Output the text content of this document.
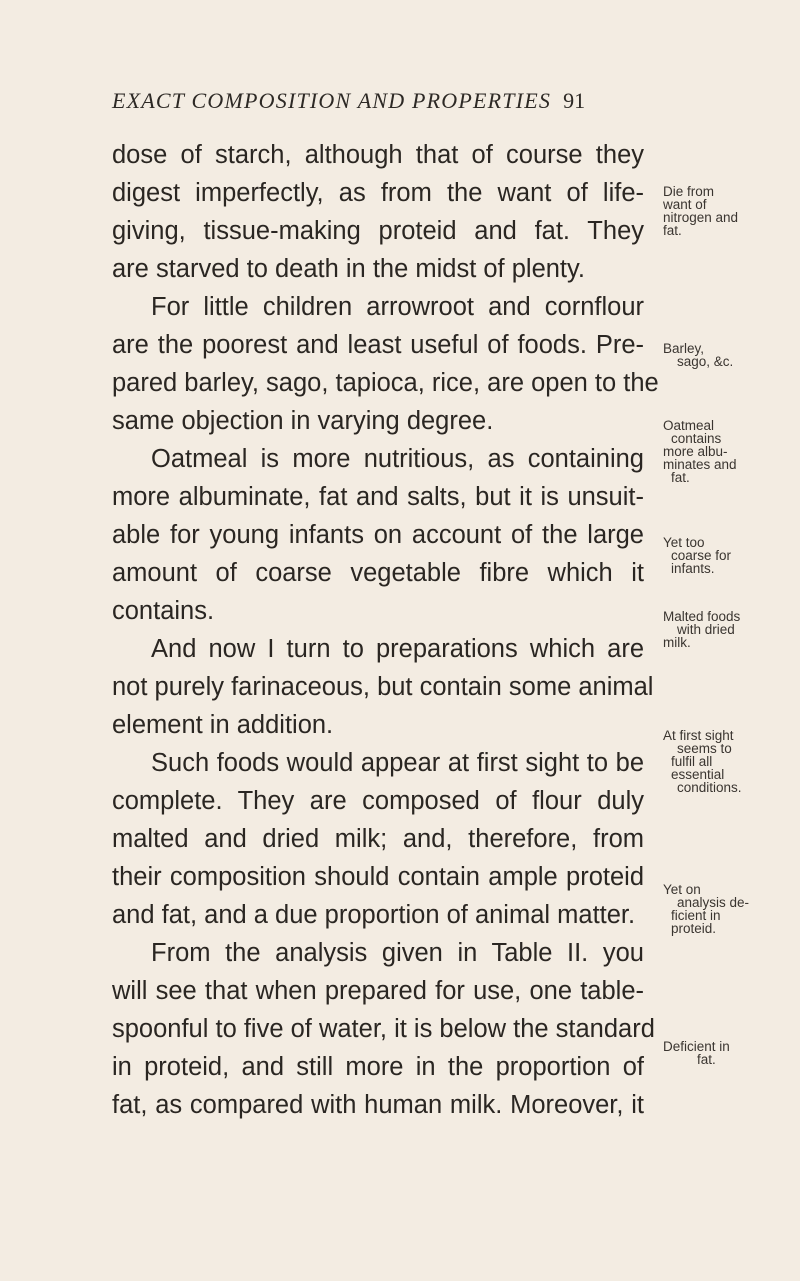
EXACT COMPOSITION AND PROPERTIES 91
dose of starch, although that of course they
digest imperfectly, as from the want of life-
giving, tissue-making proteid and fat. They
are starved to death in the midst of plenty.
For little children arrowroot and cornflour
are the poorest and least useful of foods. Pre-
pared barley, sago, tapioca, rice, are open to the
same objection in varying degree.
Oatmeal is more nutritious, as containing
more albuminate, fat and salts, but it is unsuit-
able for young infants on account of the large
amount of coarse vegetable fibre which it
contains.
And now I turn to preparations which are
not purely farinaceous, but contain some animal
element in addition.
Such foods would appear at first sight to be
complete. They are composed of flour duly
malted and dried milk; and, therefore, from
their composition should contain ample proteid
and fat, and a due proportion of animal matter.
From the analysis given in Table II. you
will see that when prepared for use, one table-
spoonful to five of water, it is below the standard
in proteid, and still more in the proportion of
fat, as compared with human milk. Moreover, it
Die from
want of
nitrogen and
fat.
Barley,
sago, &c.
Oatmeal
contains
more albu-
minates and
fat.
Yet too
coarse for
infants.
Malted foods
with dried
milk.
At first sight
seems to
fulfil all
essential
conditions.
Yet on
analysis de-
ficient in
proteid.
Deficient in
fat.
